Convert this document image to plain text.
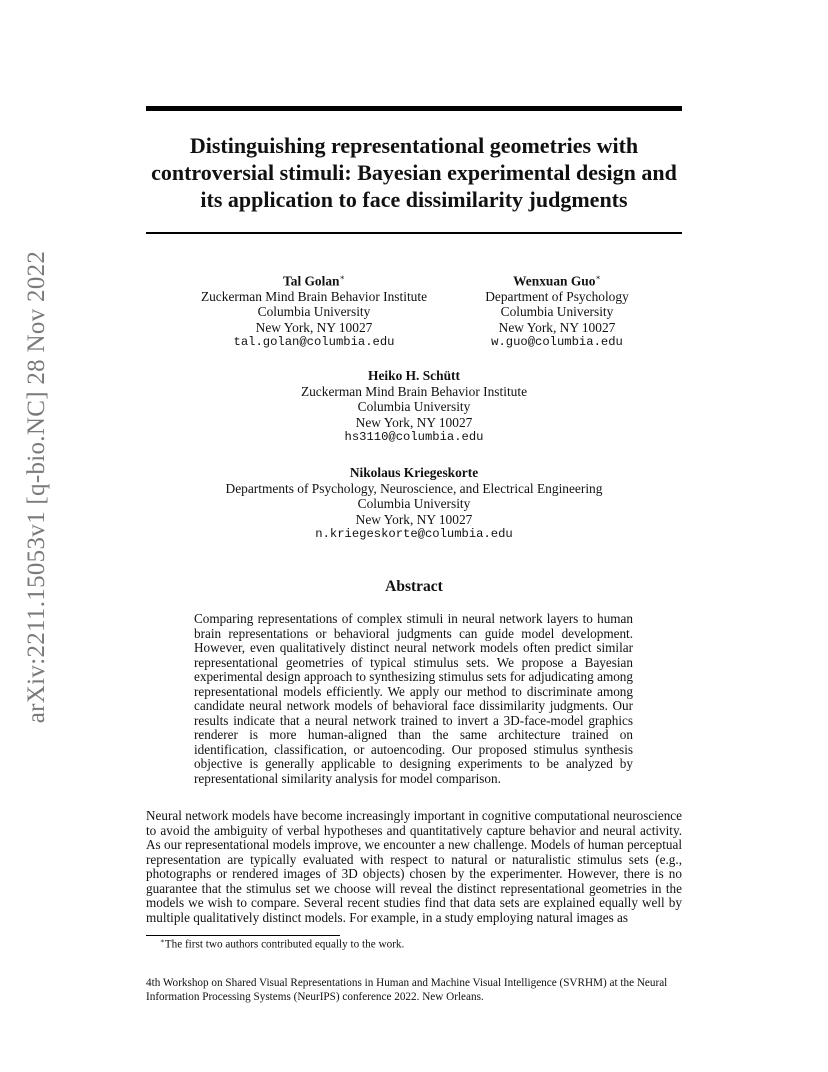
arXiv:2211.15053v1 [q-bio.NC] 28 Nov 2022
Distinguishing representational geometries with controversial stimuli: Bayesian experimental design and its application to face dissimilarity judgments
Tal Golan∗
Zuckerman Mind Brain Behavior Institute
Columbia University
New York, NY 10027
tal.golan@columbia.edu
Wenxuan Guo∗
Department of Psychology
Columbia University
New York, NY 10027
w.guo@columbia.edu
Heiko H. Schütt
Zuckerman Mind Brain Behavior Institute
Columbia University
New York, NY 10027
hs3110@columbia.edu
Nikolaus Kriegeskorte
Departments of Psychology, Neuroscience, and Electrical Engineering
Columbia University
New York, NY 10027
n.kriegeskorte@columbia.edu
Abstract

Comparing representations of complex stimuli in neural network layers to human brain representations or behavioral judgments can guide model development. However, even qualitatively distinct neural network models often predict similar representational geometries of typical stimulus sets. We propose a Bayesian experimental design approach to synthesizing stimulus sets for adjudicating among representational models efficiently. We apply our method to discriminate among candidate neural network models of behavioral face dissimilarity judgments. Our results indicate that a neural network trained to invert a 3D-face-model graphics renderer is more human-aligned than the same architecture trained on identification, classification, or autoencoding. Our proposed stimulus synthesis objective is generally applicable to designing experiments to be analyzed by representational similarity analysis for model comparison.

Neural network models have become increasingly important in cognitive computational neuroscience to avoid the ambiguity of verbal hypotheses and quantitatively capture behavior and neural activity. As our representational models improve, we encounter a new challenge. Models of human perceptual representation are typically evaluated with respect to natural or naturalistic stimulus sets (e.g., photographs or rendered images of 3D objects) chosen by the experimenter. However, there is no guarantee that the stimulus set we choose will reveal the distinct representational geometries in the models we wish to compare. Several recent studies find that data sets are explained equally well by multiple qualitatively distinct models. For example, in a study employing natural images as

∗The first two authors contributed equally to the work.

4th Workshop on Shared Visual Representations in Human and Machine Visual Intelligence (SVRHM) at the Neural Information Processing Systems (NeurIPS) conference 2022. New Orleans.
